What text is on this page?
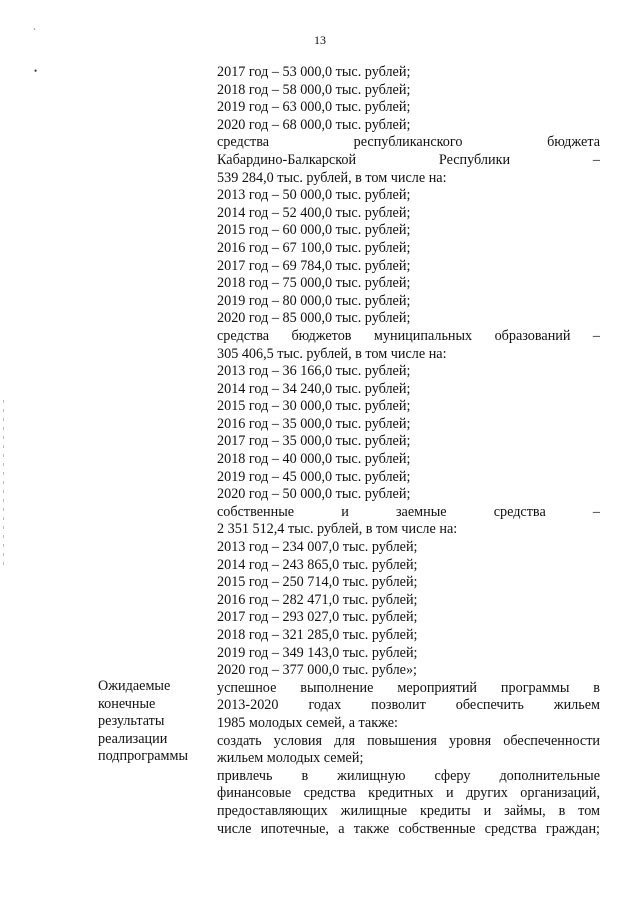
13
`
•	2017 год – 53 000,0 тыс. рублей;
2018 год – 58 000,0 тыс. рублей;
2019 год – 63 000,0 тыс. рублей;
2020 год – 68 000,0 тыс. рублей;
средства республиканского бюджета
Кабардино-Балкарской Республики –
539 284,0 тыс. рублей, в том числе на:
2013 год – 50 000,0 тыс. рублей;
2014 год – 52 400,0 тыс. рублей;
2015 год – 60 000,0 тыс. рублей;
2016 год – 67 100,0 тыс. рублей;
2017 год – 69 784,0 тыс. рублей;
2018 год – 75 000,0 тыс. рублей;
2019 год – 80 000,0 тыс. рублей;
2020 год – 85 000,0 тыс. рублей;
средства бюджетов муниципальных образований –
305 406,5 тыс. рублей, в том числе на:
2013 год – 36 166,0 тыс. рублей;
2014 год – 34 240,0 тыс. рублей;
2015 год – 30 000,0 тыс. рублей;
2016 год – 35 000,0 тыс. рублей;
2017 год – 35 000,0 тыс. рублей;
2018 год – 40 000,0 тыс. рублей;
2019 год – 45 000,0 тыс. рублей;
2020 год – 50 000,0 тыс. рублей;
собственные и заемные средства –
2 351 512,4 тыс. рублей, в том числе на:
2013 год – 234 007,0 тыс. рублей;
2014 год – 243 865,0 тыс. рублей;
2015 год – 250 714,0 тыс. рублей;
2016 год – 282 471,0 тыс. рублей;
2017 год – 293 027,0 тыс. рублей;
2018 год – 321 285,0 тыс. рублей;
2019 год – 349 143,0 тыс. рублей;
2020 год – 377 000,0 тыс. рубле»;
успешное выполнение мероприятий программы в
2013-2020 годах позволит обеспечить жильем
1985 молодых семей, а также:
создать условия для повышения уровня обеспеченности
жильем молодых семей;
привлечь в жилищную сферу дополнительные
финансовые средства кредитных и других организаций,
предоставляющих жилищные кредиты и займы, в том
числе ипотечные, а также собственные средства граждан;
Ожидаемые
конечные
результаты
реализации
подпрограммы
